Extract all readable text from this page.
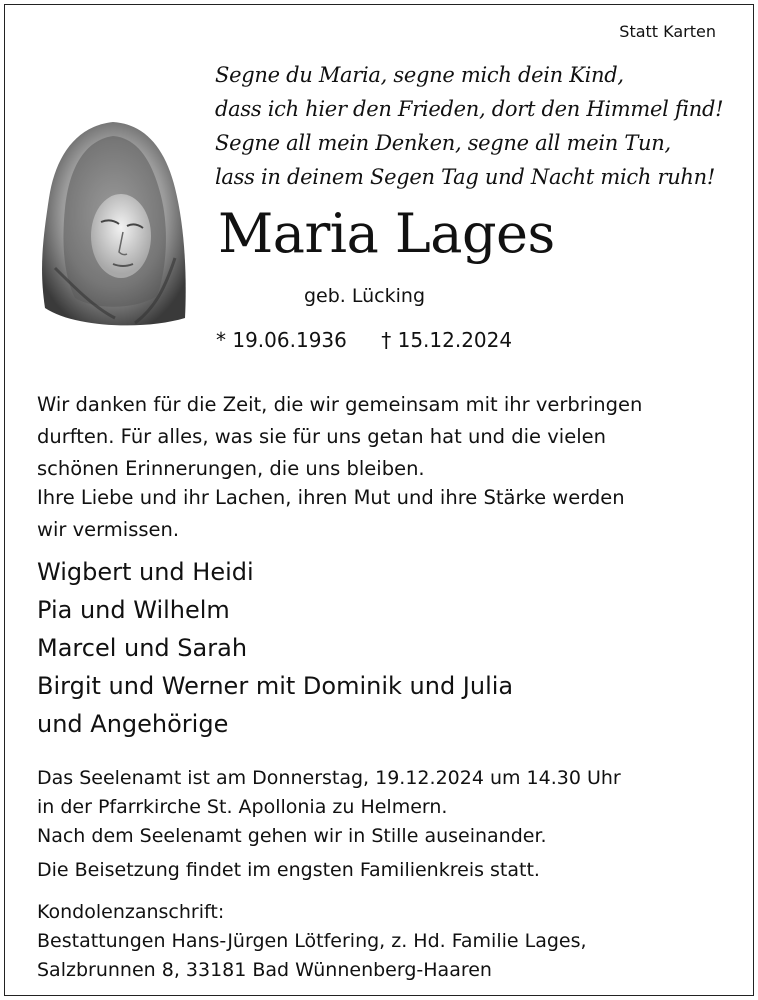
Statt Karten
Segne du Maria, segne mich dein Kind,
dass ich hier den Frieden, dort den Himmel find!
Segne all mein Denken, segne all mein Tun,
lass in deinem Segen Tag und Nacht mich ruhn!
Maria Lages
geb. Lücking
* 19.06.1936 † 15.12.2024
Wir danken für die Zeit, die wir gemeinsam mit ihr verbringen
durften. Für alles, was sie für uns getan hat und die vielen
schönen Erinnerungen, die uns bleiben.
Ihre Liebe und ihr Lachen, ihren Mut und ihre Stärke werden
wir vermissen.
Wigbert und Heidi
Pia und Wilhelm
Marcel und Sarah
Birgit und Werner mit Dominik und Julia
und Angehörige
Das Seelenamt ist am Donnerstag, 19.12.2024 um 14.30 Uhr
in der Pfarrkirche St. Apollonia zu Helmern.
Nach dem Seelenamt gehen wir in Stille auseinander.
Die Beisetzung findet im engsten Familienkreis statt.
Kondolenzanschrift:
Bestattungen Hans-Jürgen Lötfering, z. Hd. Familie Lages,
Salzbrunnen 8, 33181 Bad Wünnenberg-Haaren
